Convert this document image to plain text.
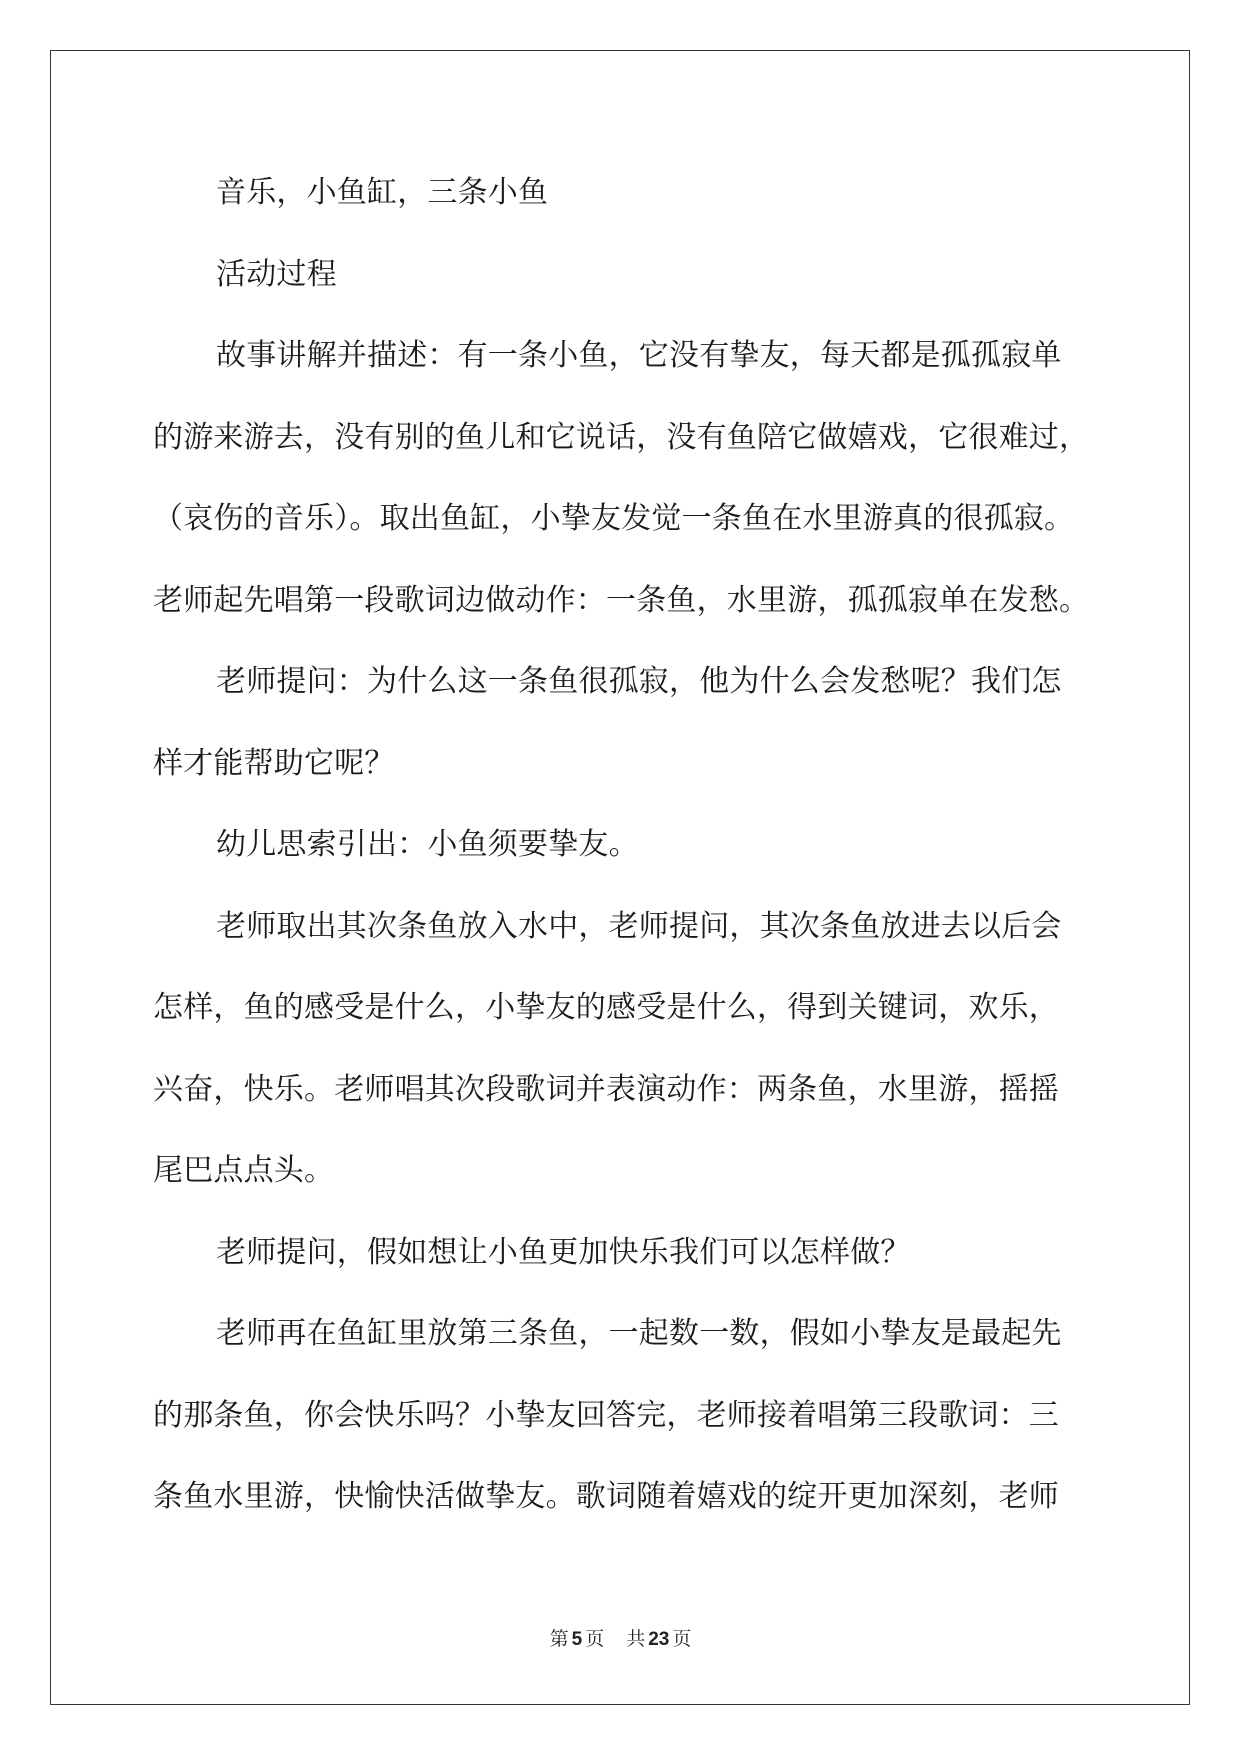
音乐，小鱼缸，三条小鱼
活动过程
故事讲解并描述：有一条小鱼，它没有挚友，每天都是孤孤寂单
的游来游去，没有别的鱼儿和它说话，没有鱼陪它做嬉戏，它很难过，
（哀伤的音乐）。取出鱼缸，小挚友发觉一条鱼在水里游真的很孤寂。
老师起先唱第一段歌词边做动作：一条鱼，水里游，孤孤寂单在发愁。
老师提问：为什么这一条鱼很孤寂，他为什么会发愁呢？我们怎
样才能帮助它呢？
幼儿思索引出：小鱼须要挚友。
老师取出其次条鱼放入水中，老师提问，其次条鱼放进去以后会
怎样，鱼的感受是什么，小挚友的感受是什么，得到关键词，欢乐，
兴奋，快乐。老师唱其次段歌词并表演动作：两条鱼，水里游，摇摇
尾巴点点头。
老师提问，假如想让小鱼更加快乐我们可以怎样做？
老师再在鱼缸里放第三条鱼，一起数一数，假如小挚友是最起先
的那条鱼，你会快乐吗？小挚友回答完，老师接着唱第三段歌词：三
条鱼水里游，快愉快活做挚友。歌词随着嬉戏的绽开更加深刻，老师
第 5 页 共 23 页
